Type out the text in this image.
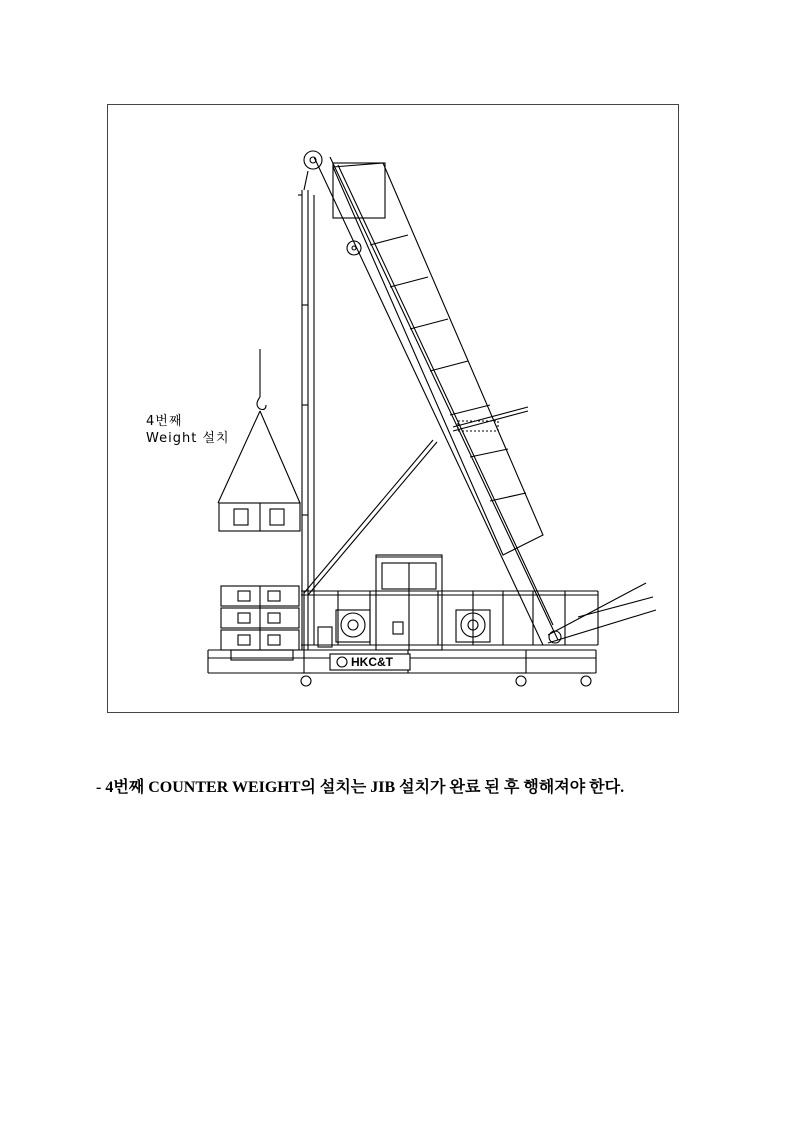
4번째
Weight 설치
HKC&T
- 4번째 COUNTER WEIGHT의 설치는 JIB 설치가 완료 된 후 행해져야 한다.
